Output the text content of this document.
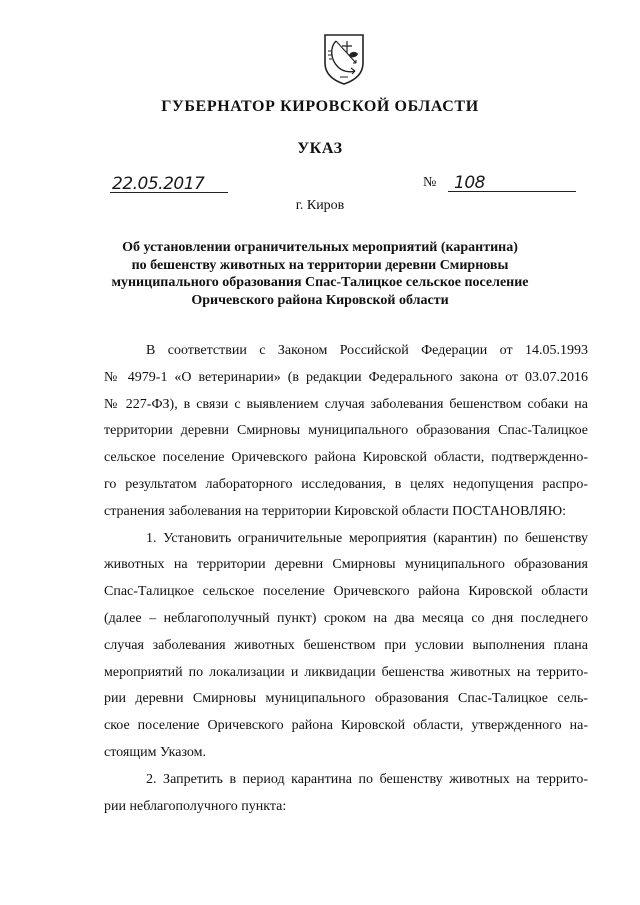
ГУБЕРНАТОР КИРОВСКОЙ ОБЛАСТИ
УКАЗ
22.05.2017	№ 108
г. Киров
Об установлении ограничительных мероприятий (карантина)
по бешенству животных на территории деревни Смирновы
муниципального образования Спас-Талицкое сельское поселение
Оричевского района Кировской области
В соответствии с Законом Российской Федерации от 14.05.1993
№ 4979-1 «О ветеринарии» (в редакции Федерального закона от 03.07.2016
№ 227-ФЗ), в связи с выявлением случая заболевания бешенством собаки на
территории деревни Смирновы муниципального образования Спас-Талицкое
сельское поселение Оричевского района Кировской области, подтвержденно-
го результатом лабораторного исследования, в целях недопущения распро-
странения заболевания на территории Кировской области ПОСТАНОВЛЯЮ:
1. Установить ограничительные мероприятия (карантин) по бешенству
животных на территории деревни Смирновы муниципального образования
Спас-Талицкое сельское поселение Оричевского района Кировской области
(далее – неблагополучный пункт) сроком на два месяца со дня последнего
случая заболевания животных бешенством при условии выполнения плана
мероприятий по локализации и ликвидации бешенства животных на террито-
рии деревни Смирновы муниципального образования Спас-Талицкое сель-
ское поселение Оричевского района Кировской области, утвержденного на-
стоящим Указом.
2. Запретить в период карантина по бешенству животных на террито-
рии неблагополучного пункта:
